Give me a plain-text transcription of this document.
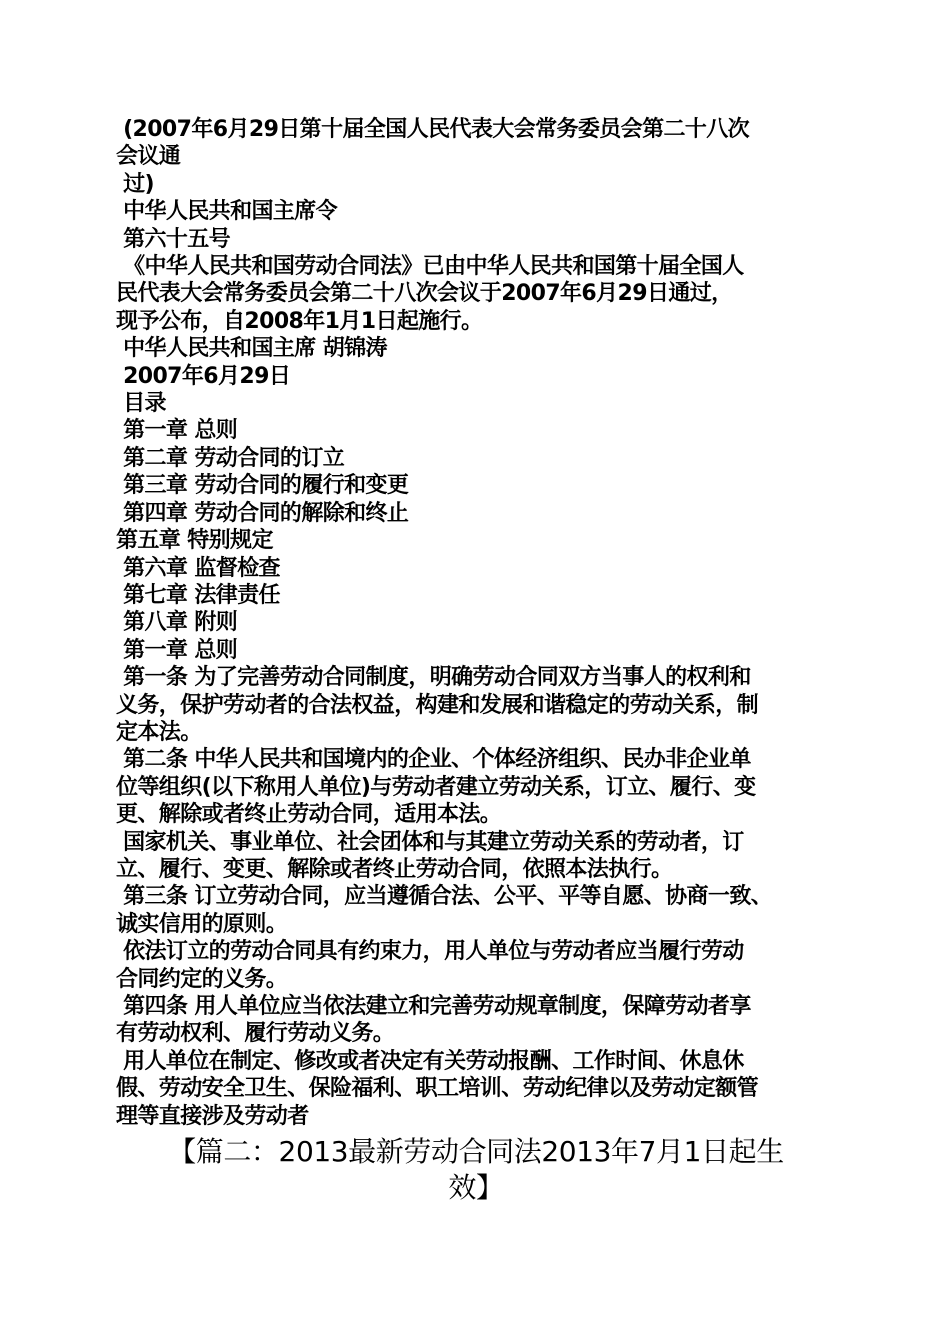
(2007年6月29日第十届全国人民代表大会常务委员会第二十八次
会议通
过)
中华人民共和国主席令
第六十五号
《中华人民共和国劳动合同法》已由中华人民共和国第十届全国人
民代表大会常务委员会第二十八次会议于2007年6月29日通过，
现予公布，自2008年1月1日起施行。
中华人民共和国主席 胡锦涛
2007年6月29日
目录
第一章 总则
第二章 劳动合同的订立
第三章 劳动合同的履行和变更
第四章 劳动合同的解除和终止
第五章 特别规定
第六章 监督检查
第七章 法律责任
第八章 附则
第一章 总则
第一条 为了完善劳动合同制度，明确劳动合同双方当事人的权利和
义务，保护劳动者的合法权益，构建和发展和谐稳定的劳动关系，制
定本法。
第二条 中华人民共和国境内的企业、个体经济组织、民办非企业单
位等组织(以下称用人单位)与劳动者建立劳动关系，订立、履行、变
更、解除或者终止劳动合同，适用本法。
国家机关、事业单位、社会团体和与其建立劳动关系的劳动者，订
立、履行、变更、解除或者终止劳动合同，依照本法执行。
第三条 订立劳动合同，应当遵循合法、公平、平等自愿、协商一致、
诚实信用的原则。
依法订立的劳动合同具有约束力，用人单位与劳动者应当履行劳动
合同约定的义务。
第四条 用人单位应当依法建立和完善劳动规章制度，保障劳动者享
有劳动权利、履行劳动义务。
用人单位在制定、修改或者决定有关劳动报酬、工作时间、休息休
假、劳动安全卫生、保险福利、职工培训、劳动纪律以及劳动定额管
理等直接涉及劳动者
【篇二：2013最新劳动合同法2013年7月1日起生
效】
